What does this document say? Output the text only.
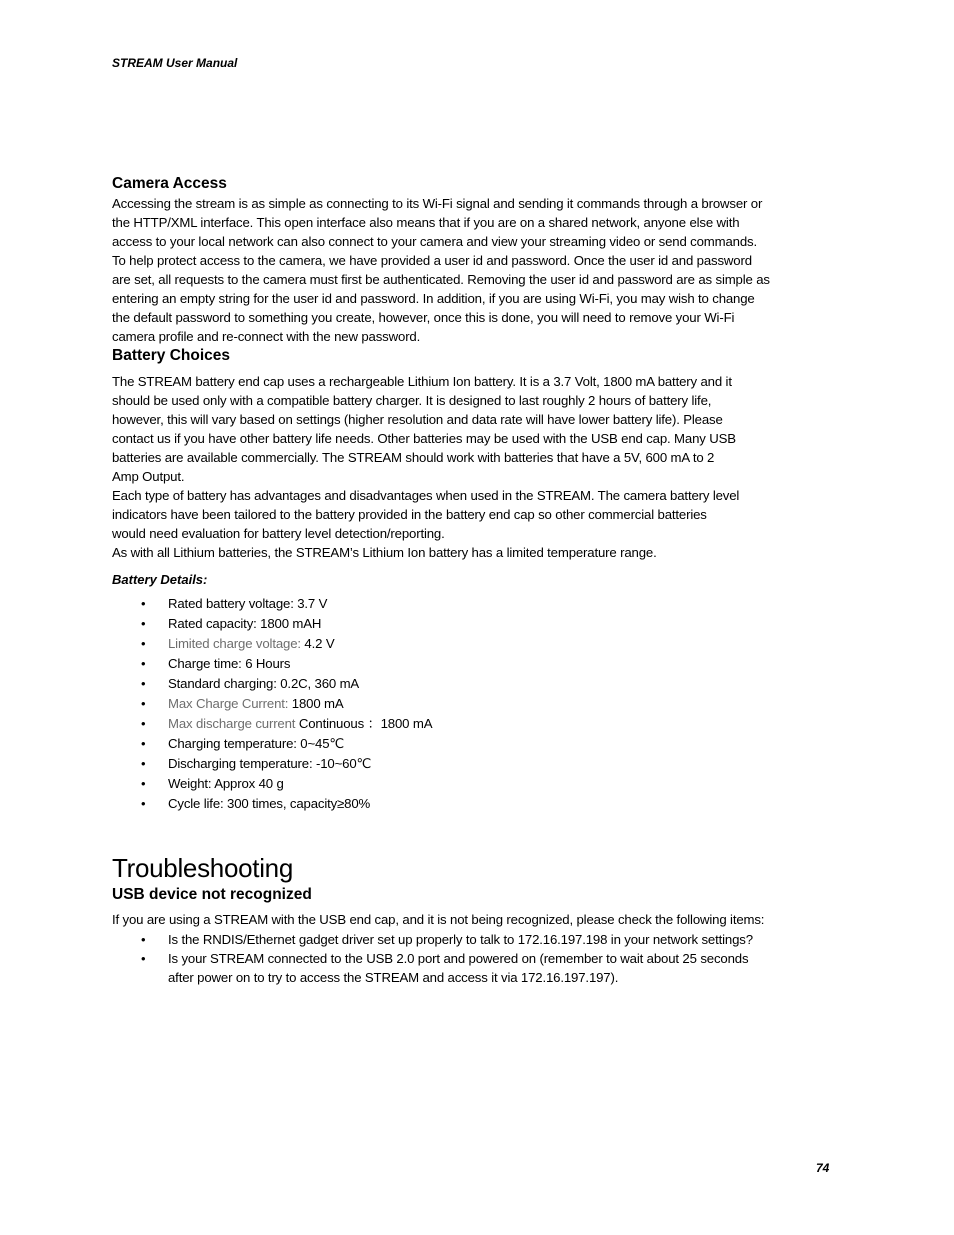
STREAM User Manual
Camera Access

Accessing the stream is as simple as connecting to its Wi-Fi signal and sending it commands through a browser or
the HTTP/XML interface. This open interface also means that if you are on a shared network, anyone else with
access to your local network can also connect to your camera and view your streaming video or send commands.
To help protect access to the camera, we have provided a user id and password. Once the user id and password
are set, all requests to the camera must first be authenticated. Removing the user id and password are as simple as
entering an empty string for the user id and password. In addition, if you are using Wi-Fi, you may wish to change
the default password to something you create, however, once this is done, you will need to remove your Wi-Fi
camera profile and re-connect with the new password.

Battery Choices

The STREAM battery end cap uses a rechargeable Lithium Ion battery. It is a 3.7 Volt, 1800 mA battery and it
should be used only with a compatible battery charger. It is designed to last roughly 2 hours of battery life,
however, this will vary based on settings (higher resolution and data rate will have lower battery life). Please
contact us if you have other battery life needs. Other batteries may be used with the USB end cap. Many USB
batteries are available commercially. The STREAM should work with batteries that have a 5V, 600 mA to 2
Amp Output.

Each type of battery has advantages and disadvantages when used in the STREAM. The camera battery level
indicators have been tailored to the battery provided in the battery end cap so other commercial batteries
would need evaluation for battery level detection/reporting.

As with all Lithium batteries, the STREAM’s Lithium Ion battery has a limited temperature range.

Battery Details:
• Rated battery voltage: 3.7 V
• Rated capacity: 1800 mAH
• Limited charge voltage: 4.2 V
• Charge time: 6 Hours
• Standard charging: 0.2C, 360 mA
• Max Charge Current: 1800 mA
• Max discharge current Continuous ：1800 mA
• Charging temperature: 0~45℃
• Discharging temperature: -10~60℃
• Weight: Approx 40 g
• Cycle life: 300 times, capacity≥80%
Troubleshooting
USB device not recognized

If you are using a STREAM with the USB end cap, and it is not being recognized, please check the following items:

• Is the RNDIS/Ethernet gadget driver set up properly to talk to 172.16.197.198 in your network settings?
• Is your STREAM connected to the USB 2.0 port and powered on (remember to wait about 25 seconds
after power on to try to access the STREAM and access it via 172.16.197.197).
74
